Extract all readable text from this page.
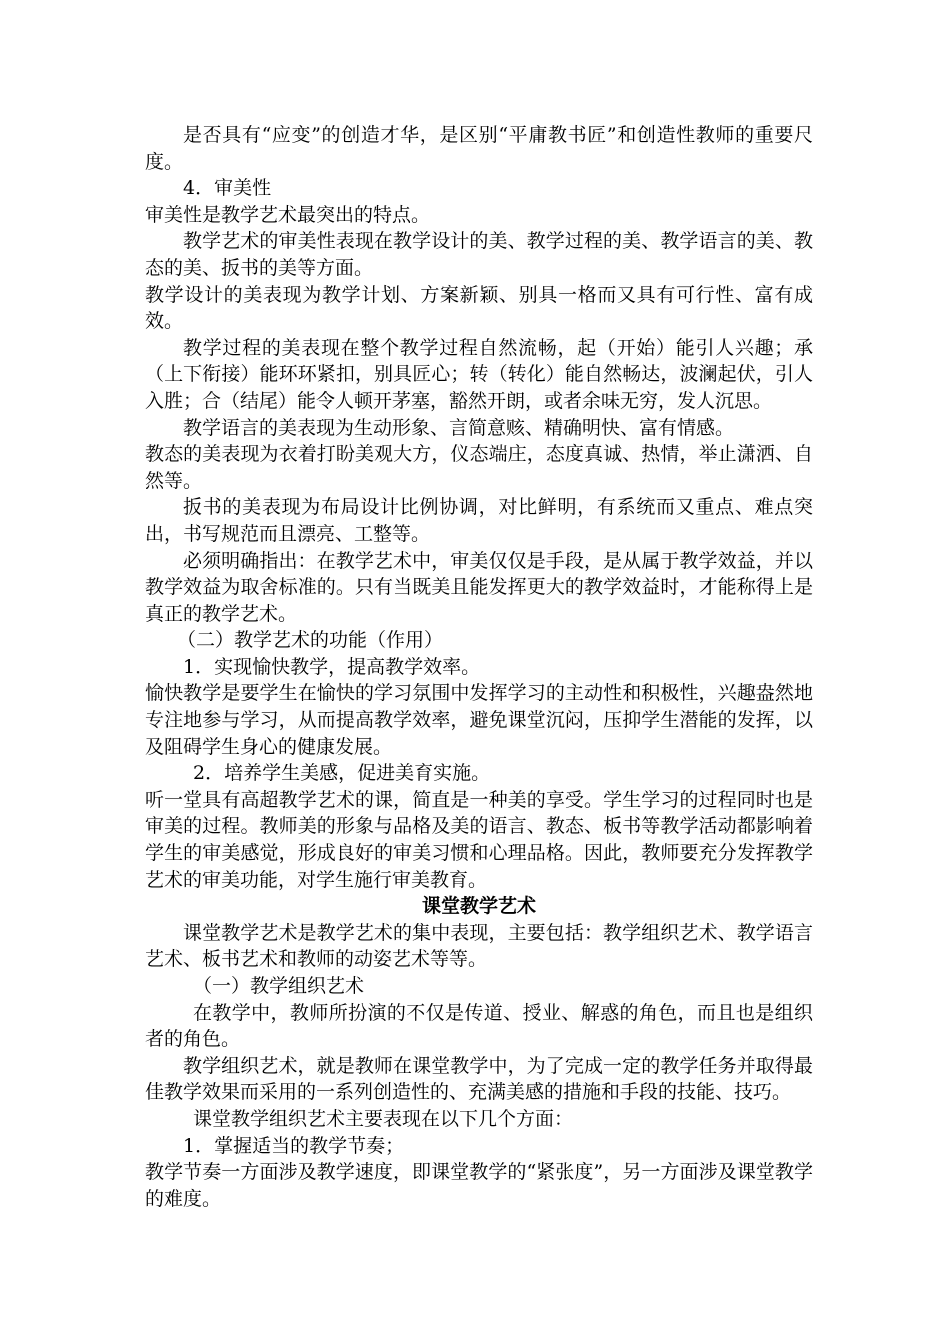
是否具有“应变”的创造才华，是区别“平庸教书匠”和创造性教师的重要尺度。

4．审美性

审美性是教学艺术最突出的特点。

教学艺术的审美性表现在教学设计的美、教学过程的美、教学语言的美、教态的美、扳书的美等方面。

教学设计的美表现为教学计划、方案新颖、别具一格而又具有可行性、富有成效。

教学过程的美表现在整个教学过程自然流畅，起（开始）能引人兴趣；承（上下衔接）能环环紧扣，别具匠心；转（转化）能自然畅达，波澜起伏，引人入胜；合（结尾）能令人顿开茅塞，豁然开朗，或者余味无穷，发人沉思。

教学语言的美表现为生动形象、言简意赅、精确明快、富有情感。

教态的美表现为衣着打盼美观大方，仪态端庄，态度真诚、热情，举止潇洒、自然等。

扳书的美表现为布局设计比例协调，对比鲜明，有系统而又重点、难点突出，书写规范而且漂亮、工整等。

必须明确指出：在教学艺术中，审美仅仅是手段，是从属于教学效益，并以教学效益为取舍标准的。只有当既美且能发挥更大的教学效益时，才能称得上是真正的教学艺术。

（二）教学艺术的功能（作用）

1．实现愉快教学，提高教学效率。

愉快教学是要学生在愉快的学习氛围中发挥学习的主动性和积极性，兴趣盎然地专注地参与学习，从而提高教学效率，避免课堂沉闷，压抑学生潜能的发挥，以及阻碍学生身心的健康发展。

2．培养学生美感，促进美育实施。

听一堂具有高超教学艺术的课，简直是一种美的享受。学生学习的过程同时也是审美的过程。教师美的形象与品格及美的语言、教态、板书等教学活动都影响着学生的审美感觉，形成良好的审美习惯和心理品格。因此，教师要充分发挥教学艺术的审美功能，对学生施行审美教育。

课堂教学艺术

课堂教学艺术是教学艺术的集中表现，主要包括：教学组织艺术、教学语言艺术、板书艺术和教师的动姿艺术等等。

（一）教学组织艺术

在教学中，教师所扮演的不仅是传道、授业、解惑的角色，而且也是组织者的角色。

教学组织艺术，就是教师在课堂教学中，为了完成一定的教学任务并取得最佳教学效果而采用的一系列创造性的、充满美感的措施和手段的技能、技巧。

课堂教学组织艺术主要表现在以下几个方面：

1．掌握适当的教学节奏；

教学节奏一方面涉及教学速度，即课堂教学的“紧张度”，另一方面涉及课堂教学的难度。
